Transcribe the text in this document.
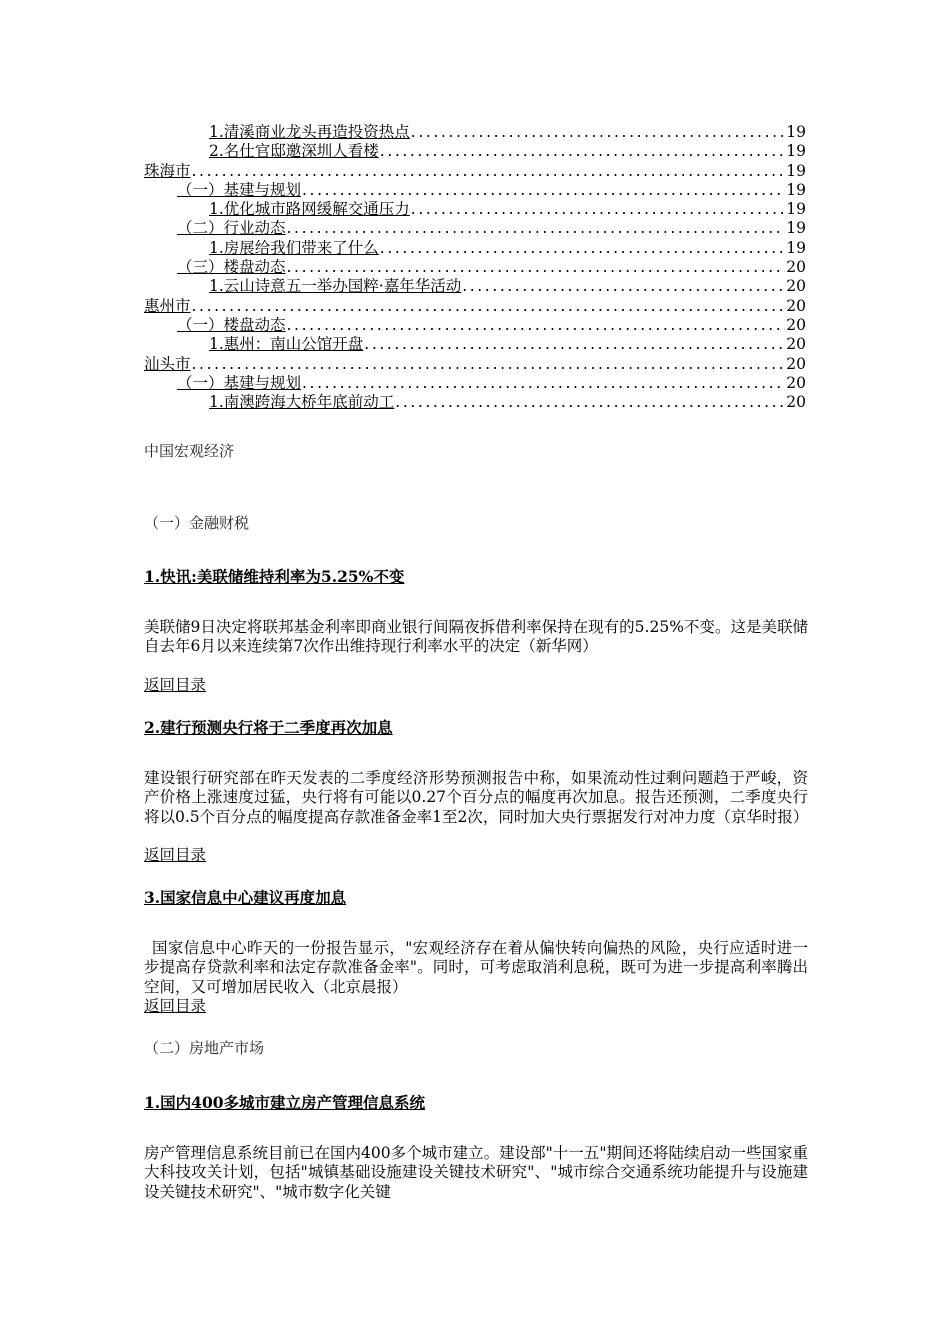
1.清溪商业龙头再造投资热点 .....	19
2.名仕官邸邀深圳人看楼 .....	19
珠海市 .....	19
（一）基建与规划 .....	19
1.优化城市路网缓解交通压力 .....	19
（二）行业动态 .....	19
1.房展给我们带来了什么 .....	19
（三）楼盘动态 .....	20
1.云山诗意五一举办国粹·嘉年华活动 .....	20
惠州市 .....	20
（一）楼盘动态 .....	20
1.惠州：南山公馆开盘 .....	20
汕头市 .....	20
（一）基建与规划 .....	20
1.南澳跨海大桥年底前动工 .....	20
中国宏观经济
（一）金融财税
1.快讯:美联储维持利率为5.25%不变
美联储9日决定将联邦基金利率即商业银行间隔夜拆借利率保持在现有的5.25%不变。这是美联储自去年6月以来连续第7次作出维持现行利率水平的决定（新华网）
返回目录
2.建行预测央行将于二季度再次加息
建设银行研究部在昨天发表的二季度经济形势预测报告中称，如果流动性过剩问题趋于严峻，资产价格上涨速度过猛，央行将有可能以0.27个百分点的幅度再次加息。报告还预测，二季度央行将以0.5个百分点的幅度提高存款准备金率1至2次，同时加大央行票据发行对冲力度（京华时报）
返回目录
3.国家信息中心建议再度加息
国家信息中心昨天的一份报告显示，"宏观经济存在着从偏快转向偏热的风险，央行应适时进一步提高存贷款利率和法定存款准备金率"。同时，可考虑取消利息税，既可为进一步提高利率腾出空间，又可增加居民收入（北京晨报）
返回目录
（二）房地产市场
1.国内400多城市建立房产管理信息系统
房产管理信息系统目前已在国内400多个城市建立。建设部"十一五"期间还将陆续启动一些国家重大科技攻关计划，包括"城镇基础设施建设关键技术研究"、"城市综合交通系统功能提升与设施建设关键技术研究"、"城市数字化关键
